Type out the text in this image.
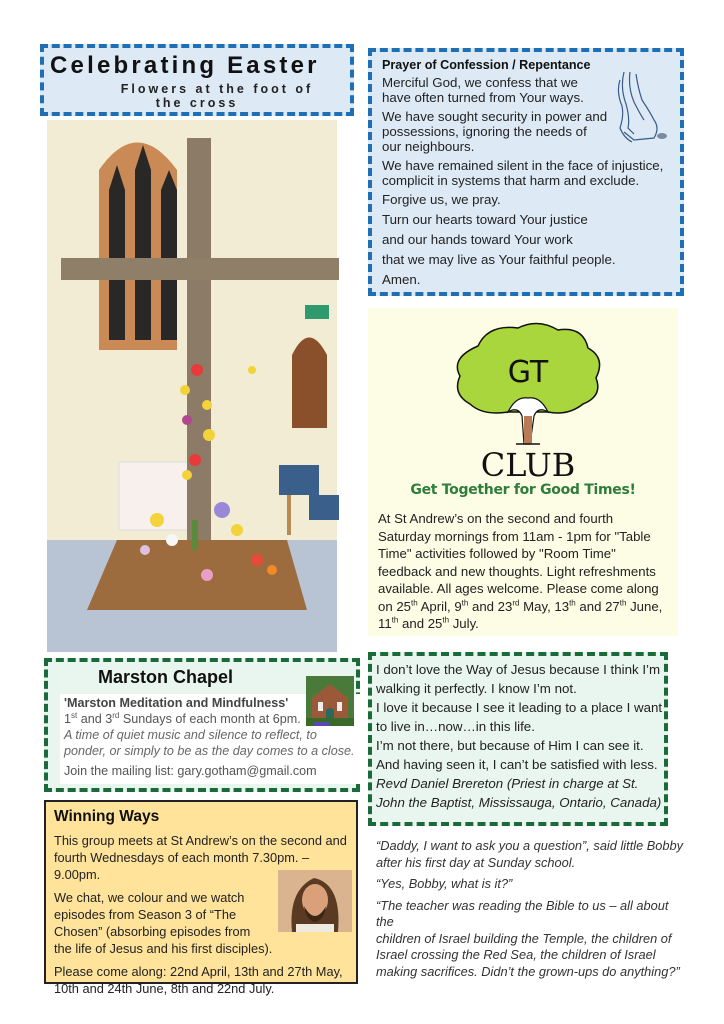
Celebrating Easter
Flowers at the foot of
the cross
Prayer of Confession / Repentance

Merciful God, we confess that we
have often turned from Your ways.

We have sought security in power and
possessions, ignoring the needs of
our neighbours.

We have remained silent in the face of injustice,
complicit in systems that harm and exclude.

Forgive us, we pray.

Turn our hearts toward Your justice

and our hands toward Your work

that we may live as Your faithful people.

Amen.

GT
CLUB
Get Together for Good Times!
At St Andrew’s on the second and fourth
Saturday mornings from 11am - 1pm for "Table
Time" activities followed by "Room Time"
feedback and new thoughts. Light refreshments
available. All ages welcome. Please come along
on 25th April, 9th and 23rd May, 13th and 27th June,
11th and 25th July.
Marston Chapel
'Marston Meditation and Mindfulness'
1st and 3rd Sundays of each month at 6pm.
A time of quiet music and silence to reflect, to
ponder, or simply to be as the day comes to a close.
Join the mailing list: gary.gotham@gmail.com
I don’t love the Way of Jesus because I think I’m
walking it perfectly. I know I’m not.
I love it because I see it leading to a place I want
to live in…now…in this life.
I’m not there, but because of Him I can see it.
And having seen it, I can’t be satisfied with less.
Revd Daniel Brereton (Priest in charge at St.
John the Baptist, Mississauga, Ontario, Canada)
Winning Ways

This group meets at St Andrew’s on the second and
fourth Wednesdays of each month 7.30pm. – 9.00pm.

We chat, we colour and we watch
episodes from Season 3 of “The
Chosen” (absorbing episodes from
the life of Jesus and his first disciples).

Please come along: 22nd April, 13th and 27th May,
10th and 24th June, 8th and 22nd July.

“Daddy, I want to ask you a question”, said little Bobby
after his first day at Sunday school.

“Yes, Bobby, what is it?”

“The teacher was reading the Bible to us – all about the
children of Israel building the Temple, the children of
Israel crossing the Red Sea, the children of Israel
making sacrifices. Didn’t the grown-ups do anything?”
